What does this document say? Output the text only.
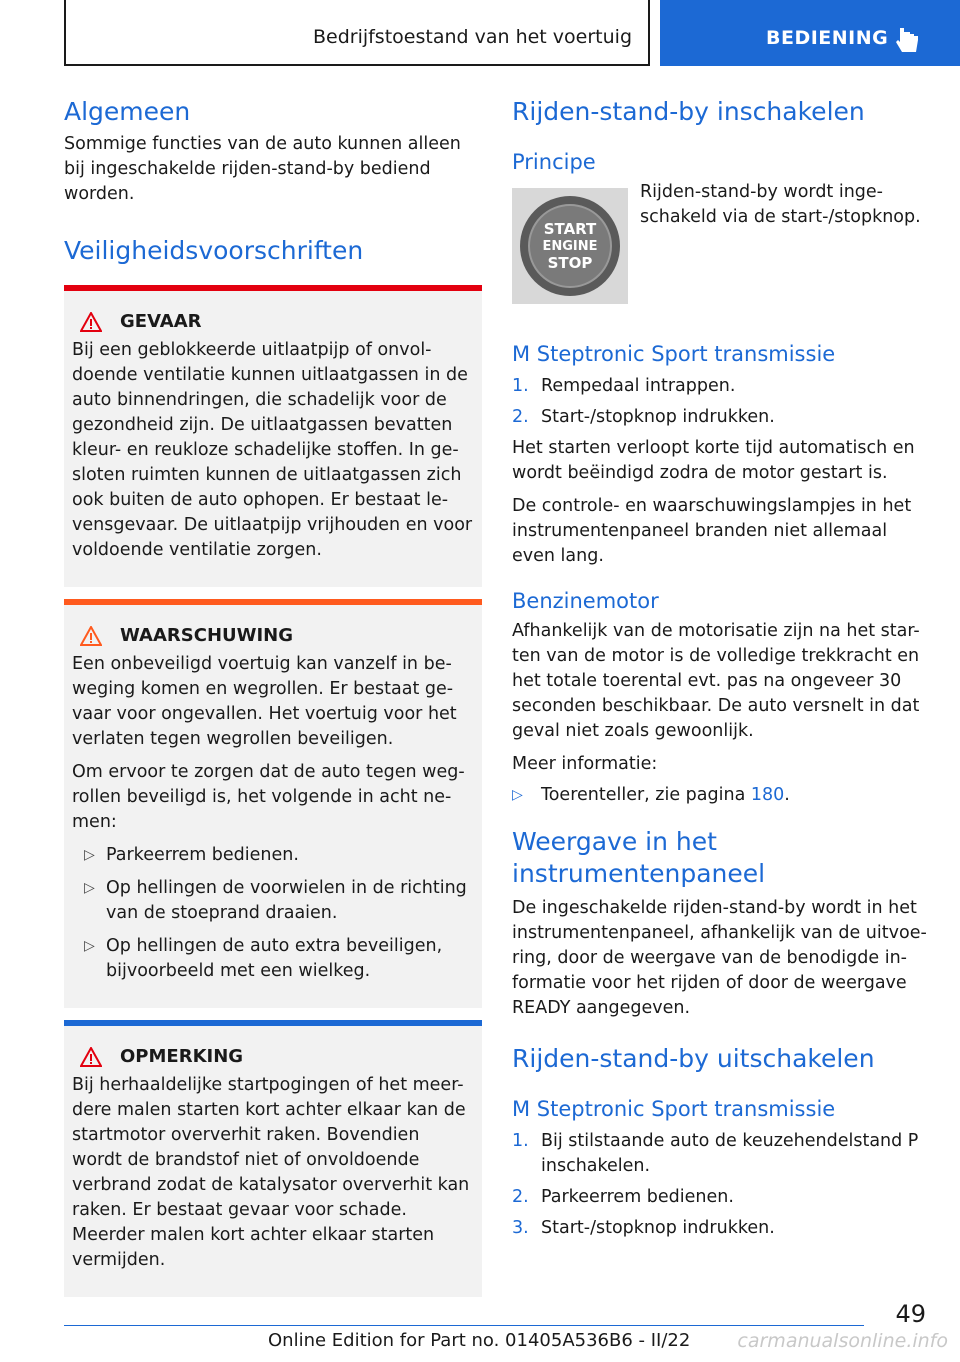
Bedrijfstoestand van het voertuig	BEDIENING
Algemeen

Sommige functies van de auto kunnen alleen bij ingeschakelde rijden-stand-by bediend worden.

Veiligheidsvoorschriften
GEVAAR

Bij een geblokkeerde uitlaatpijp of onvol-doende ventilatie kunnen uitlaatgassen in de auto binnendringen, die schadelijk voor de gezondheid zijn. De uitlaatgassen bevatten kleur- en reukloze schadelijke stoffen. In ge-sloten ruimten kunnen de uitlaatgassen zich ook buiten de auto ophopen. Er bestaat le-vensgevaar. De uitlaatpijp vrijhouden en voor voldoende ventilatie zorgen.

WAARSCHUWING

Een onbeveiligd voertuig kan vanzelf in be-weging komen en wegrollen. Er bestaat ge-vaar voor ongevallen. Het voertuig voor het verlaten tegen wegrollen beveiligen.

Om ervoor te zorgen dat de auto tegen weg-rollen beveiligd is, het volgende in acht ne-men:

▷ Parkeerrem bedienen.
▷ Op hellingen de voorwielen in de richting van de stoeprand draaien.
▷ Op hellingen de auto extra beveiligen, bijvoorbeeld met een wielkeg.
OPMERKING

Bij herhaaldelijke startpogingen of het meer-dere malen starten kort achter elkaar kan de startmotor oververhit raken. Bovendien wordt de brandstof niet of onvoldoende verbrand zodat de katalysator oververhit kan raken. Er bestaat gevaar voor schade. Meerder malen kort achter elkaar starten vermijden.

Rijden-stand-by inschakelen
Principe
START
ENGINE
STOP

Rijden-stand-by wordt inge-schakeld via de start-/stopknop.

M Steptronic Sport transmissie
1. Rempedaal intrappen.
2. Start-/stopknop indrukken.

Het starten verloopt korte tijd automatisch en wordt beëindigd zodra de motor gestart is.

De controle- en waarschuwingslampjes in het instrumentenpaneel branden niet allemaal even lang.

Benzinemotor

Afhankelijk van de motorisatie zijn na het star-ten van de motor is de volledige trekkracht en het totale toerental evt. pas na ongeveer 30 seconden beschikbaar. De auto versnelt in dat geval niet zoals gewoonlijk.

Meer informatie:

▷	Toerenteller, zie pagina 180.
Weergave in het instrumentenpaneel

De ingeschakelde rijden-stand-by wordt in het instrumentenpaneel, afhankelijk van de uitvoe-ring, door de weergave van de benodigde in-formatie voor het rijden of door de weergave READY aangegeven.

Rijden-stand-by uitschakelen
M Steptronic Sport transmissie
1. Bij stilstaande auto de keuzehendelstand P inschakelen.
2. Parkeerrem bedienen.
3. Start-/stopknop indrukken.
49
Online Edition for Part no. 01405A536B6 - II/22 carmanualsonline.info
